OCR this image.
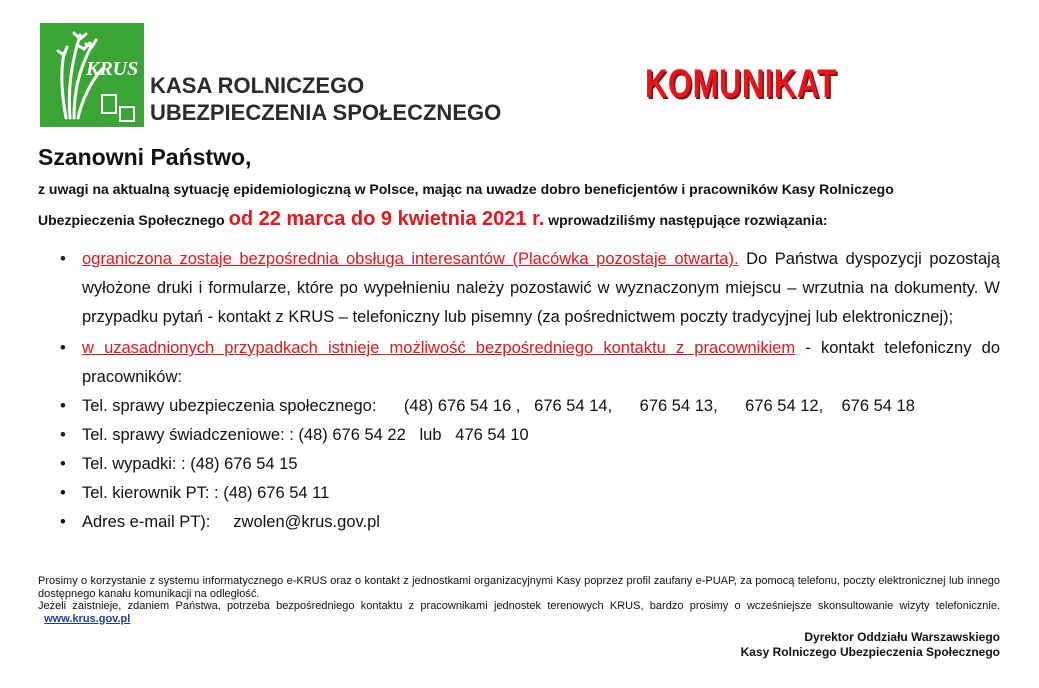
KRUS
KASA ROLNICZEGO
UBEZPIECZENIA SPOŁECZNEGO
KOMUNIKAT
Szanowni Państwo,
z uwagi na aktualną sytuację epidemiologiczną w Polsce, mając na uwadze dobro beneficjentów i pracowników Kasy Rolniczego
Ubezpieczenia Społecznego od 22 marca do 9 kwietnia 2021 r. wprowadziliśmy następujące rozwiązania:
• ograniczona zostaje bezpośrednia obsługa interesantów (Placówka pozostaje otwarta). Do Państwa dyspozycji pozostają wyłożone druki i formularze, które po wypełnieniu należy pozostawić w wyznaczonym miejscu – wrzutnia na dokumenty. W przypadku pytań - kontakt z KRUS – telefoniczny lub pisemny (za pośrednictwem poczty tradycyjnej lub elektronicznej);
• w uzasadnionych przypadkach istnieje możliwość bezpośredniego kontaktu z pracownikiem - kontakt telefoniczny do pracowników:
• Tel. sprawy ubezpieczenia społecznego:      (48) 676 54 16 ,   676 54 14,      676 54 13,      676 54 12,    676 54 18
• Tel. sprawy świadczeniowe: : (48) 676 54 22   lub   476 54 10
• Tel. wypadki: : (48) 676 54 15
• Tel. kierownik PT: : (48) 676 54 11
• Adres e-mail PT):     zwolen@krus.gov.pl
Prosimy o korzystanie z systemu informatycznego e-KRUS oraz o kontakt z jednostkami organizacyjnymi Kasy poprzez profil zaufany e-PUAP, za pomocą telefonu, poczty elektronicznej lub innego dostępnego kanału komunikacji na odległość.
Jeżeli zaistnieje, zdaniem Państwa, potrzeba bezpośredniego kontaktu z pracownikami jednostek terenowych KRUS, bardzo prosimy o wcześniejsze skonsultowanie wizyty telefonicznie.   www.krus.gov.pl
Dyrektor Oddziału Warszawskiego
Kasy Rolniczego Ubezpieczenia Społecznego
